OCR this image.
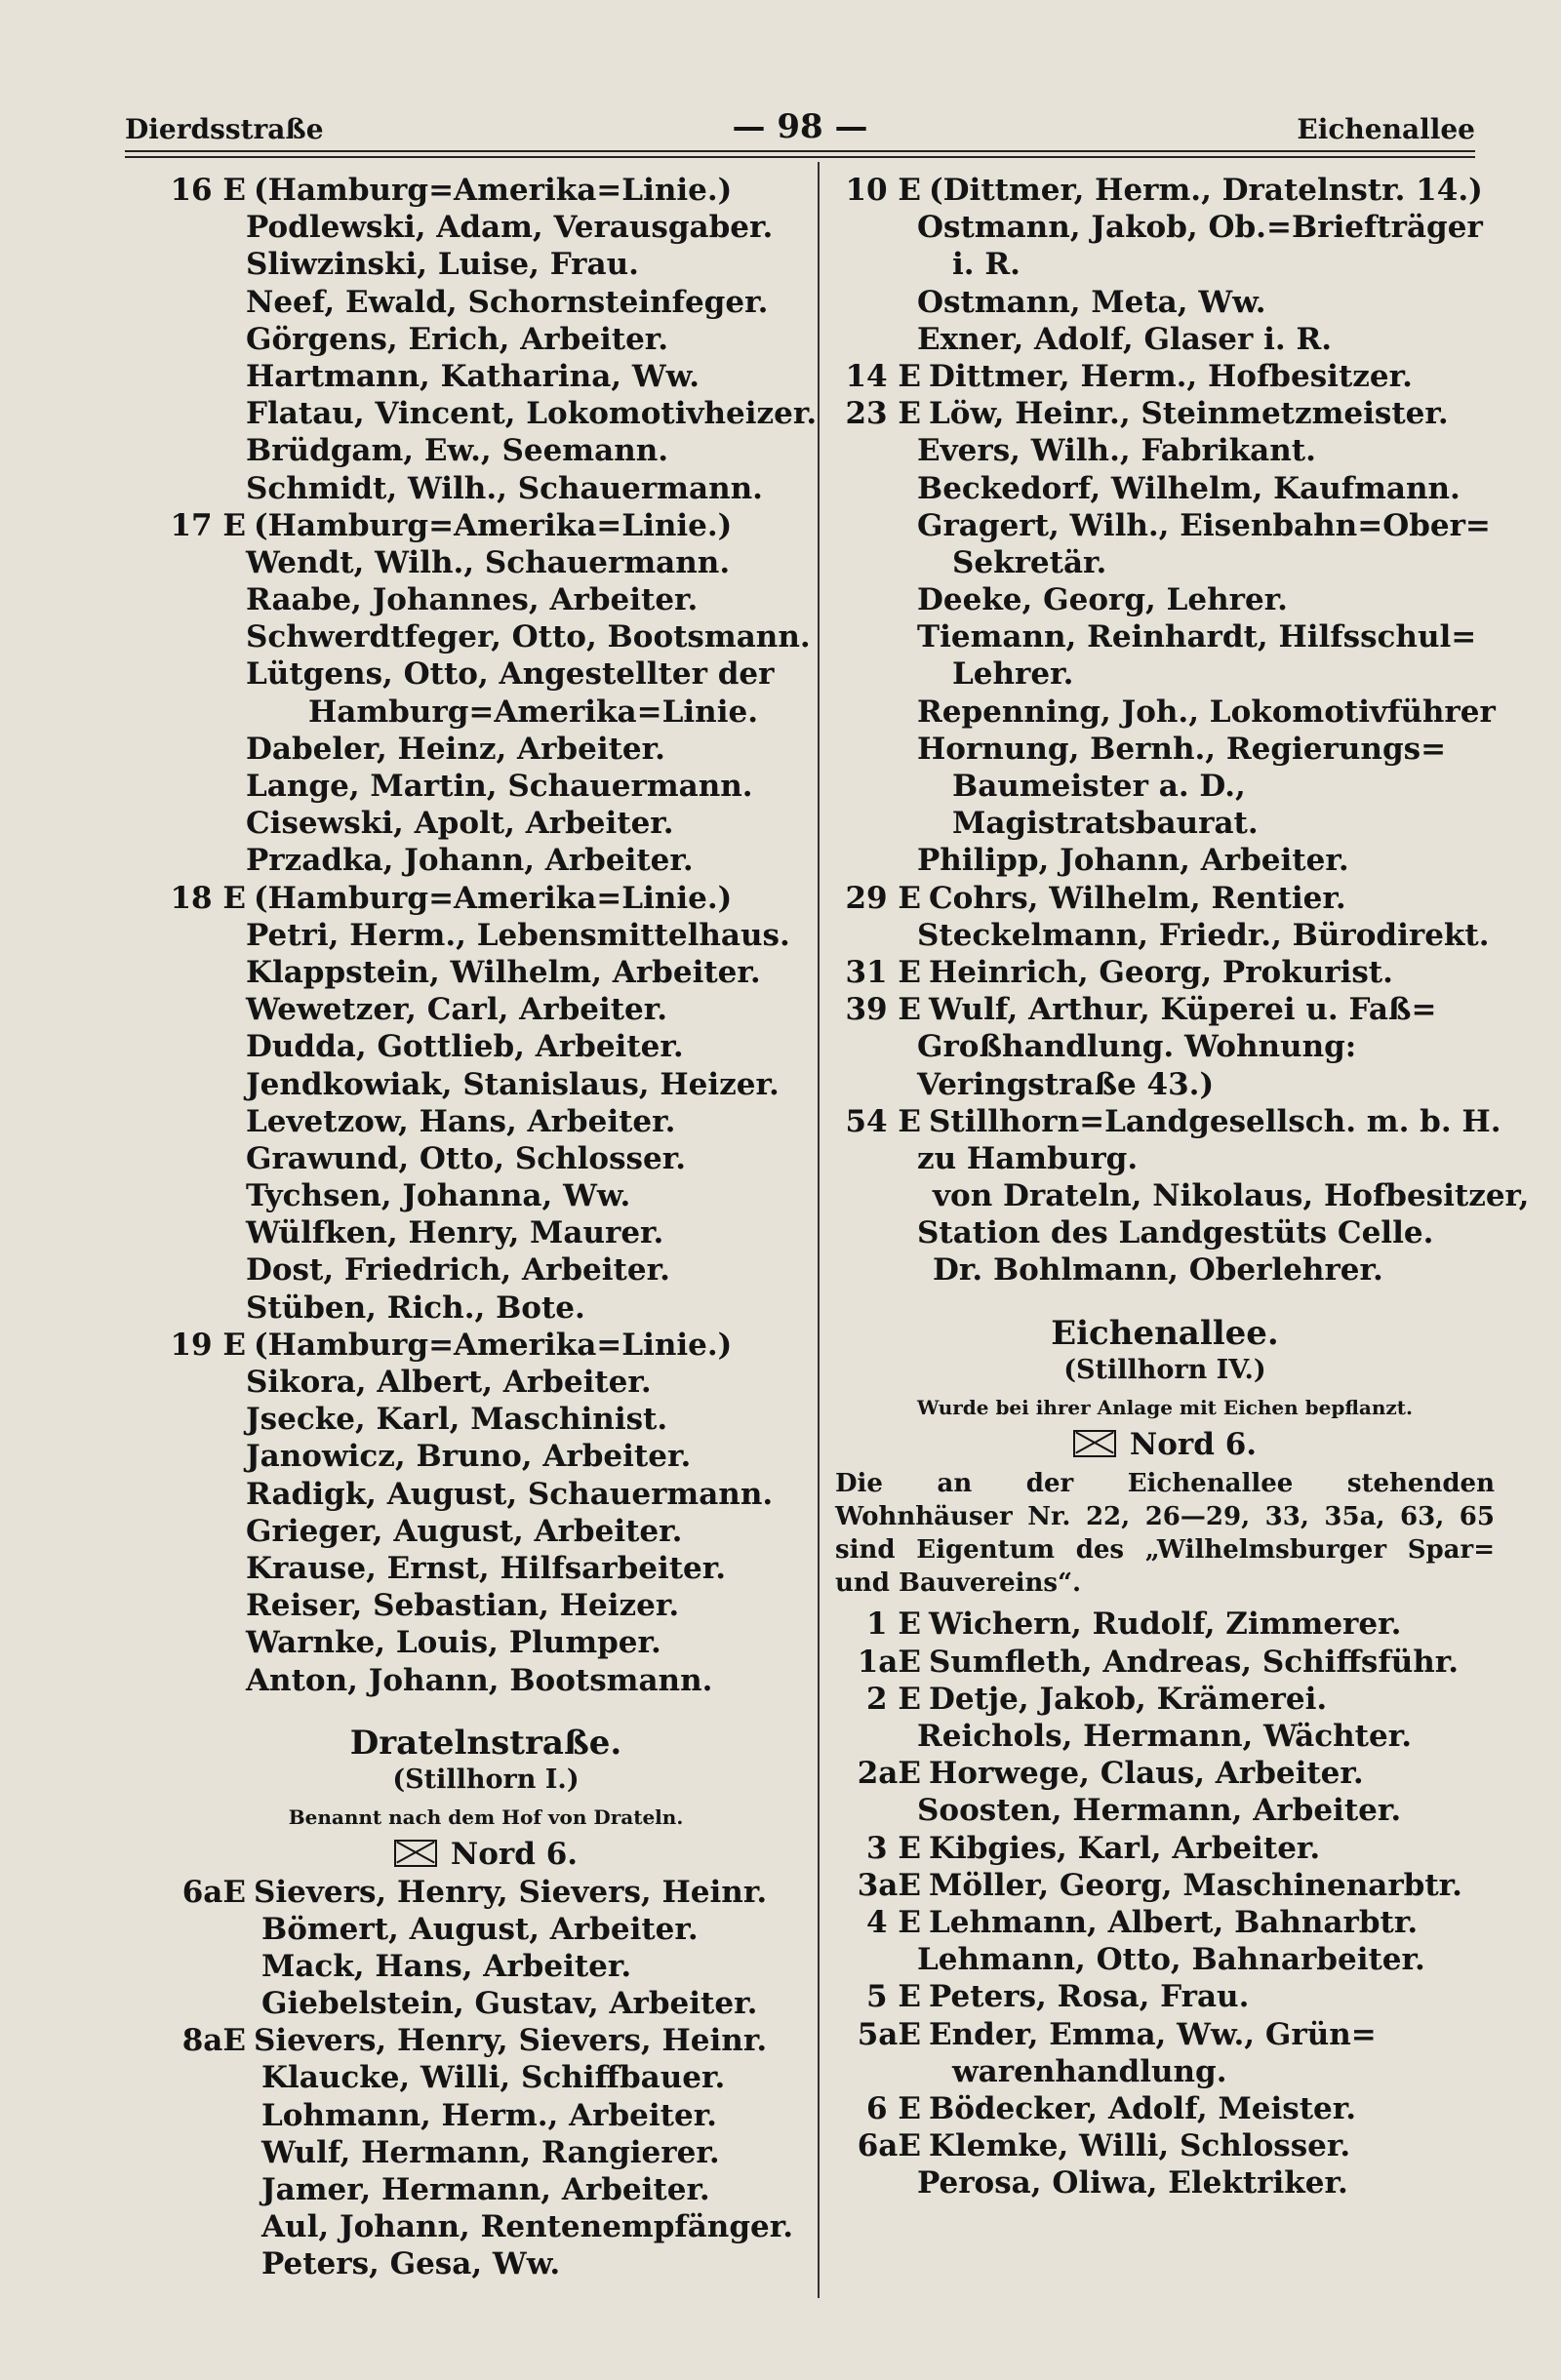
Dierdsstraße	— 98 —	Eichenallee
16 E (Hamburg=Amerika=Linie.)
Podlewski, Adam, Verausgaber.
Sliwzinski, Luise, Frau.
Neef, Ewald, Schornsteinfeger.
Görgens, Erich, Arbeiter.
Hartmann, Katharina, Ww.
Flatau, Vincent, Lokomotivheizer.
Brüdgam, Ew., Seemann.
Schmidt, Wilh., Schauermann.
17 E (Hamburg=Amerika=Linie.)
Wendt, Wilh., Schauermann.
Raabe, Johannes, Arbeiter.
Schwerdtfeger, Otto, Bootsmann.
Lütgens, Otto, Angestellter der
Hamburg=Amerika=Linie.
Dabeler, Heinz, Arbeiter.
Lange, Martin, Schauermann.
Cisewski, Apolt, Arbeiter.
Przadka, Johann, Arbeiter.
18 E (Hamburg=Amerika=Linie.)
Petri, Herm., Lebensmittelhaus.
Klappstein, Wilhelm, Arbeiter.
Wewetzer, Carl, Arbeiter.
Dudda, Gottlieb, Arbeiter.
Jendkowiak, Stanislaus, Heizer.
Levetzow, Hans, Arbeiter.
Grawund, Otto, Schlosser.
Tychsen, Johanna, Ww.
Wülfken, Henry, Maurer.
Dost, Friedrich, Arbeiter.
Stüben, Rich., Bote.
19 E (Hamburg=Amerika=Linie.)
Sikora, Albert, Arbeiter.
Jsecke, Karl, Maschinist.
Janowicz, Bruno, Arbeiter.
Radigk, August, Schauermann.
Grieger, August, Arbeiter.
Krause, Ernst, Hilfsarbeiter.
Reiser, Sebastian, Heizer.
Warnke, Louis, Plumper.
Anton, Johann, Bootsmann.
Dratelnstraße.
(Stillhorn I.)
Benannt nach dem Hof von Drateln.
Nord 6.
6aE Sievers, Henry, Sievers, Heinr.
Bömert, August, Arbeiter.
Mack, Hans, Arbeiter.
Giebelstein, Gustav, Arbeiter.
8aE Sievers, Henry, Sievers, Heinr.
Klaucke, Willi, Schiffbauer.
Lohmann, Herm., Arbeiter.
Wulf, Hermann, Rangierer.
Jamer, Hermann, Arbeiter.
Aul, Johann, Rentenempfänger.
Peters, Gesa, Ww.
10 E (Dittmer, Herm., Dratelnstr. 14.)
Ostmann, Jakob, Ob.=Briefträger
i. R.
Ostmann, Meta, Ww.
Exner, Adolf, Glaser i. R.
14 E Dittmer, Herm., Hofbesitzer.
23 E Löw, Heinr., Steinmetzmeister.
Evers, Wilh., Fabrikant.
Beckedorf, Wilhelm, Kaufmann.
Gragert, Wilh., Eisenbahn=Ober=
Sekretär.
Deeke, Georg, Lehrer.
Tiemann, Reinhardt, Hilfsschul=
Lehrer.
Repenning, Joh., Lokomotivführer
Hornung, Bernh., Regierungs=
Baumeister a. D.,
Magistratsbaurat.
Philipp, Johann, Arbeiter.
29 E Cohrs, Wilhelm, Rentier.
Steckelmann, Friedr., Bürodirekt.
31 E Heinrich, Georg, Prokurist.
39 E Wulf, Arthur, Küperei u. Faß=
Großhandlung. Wohnung:
Veringstraße 43.)
54 E Stillhorn=Landgesellsch. m. b. H.
zu Hamburg.
von Drateln, Nikolaus, Hofbesitzer,
Station des Landgestüts Celle.
Dr. Bohlmann, Oberlehrer.
Eichenallee.
(Stillhorn IV.)
Wurde bei ihrer Anlage mit Eichen bepflanzt.
Nord 6.
Die an der Eichenallee stehenden Wohnhäuser Nr. 22, 26—29, 33, 35a, 63, 65 sind Eigentum des „Wilhelmsburger Spar= und Bauvereins“.
1 E Wichern, Rudolf, Zimmerer.
1aE Sumfleth, Andreas, Schiffsführ.
2 E Detje, Jakob, Krämerei.
Reichols, Hermann, Wächter.
2aE Horwege, Claus, Arbeiter.
Soosten, Hermann, Arbeiter.
3 E Kibgies, Karl, Arbeiter.
3aE Möller, Georg, Maschinenarbtr.
4 E Lehmann, Albert, Bahnarbtr.
Lehmann, Otto, Bahnarbeiter.
5 E Peters, Rosa, Frau.
5aE Ender, Emma, Ww., Grün=
warenhandlung.
6 E Bödecker, Adolf, Meister.
6aE Klemke, Willi, Schlosser.
Perosa, Oliwa, Elektriker.
